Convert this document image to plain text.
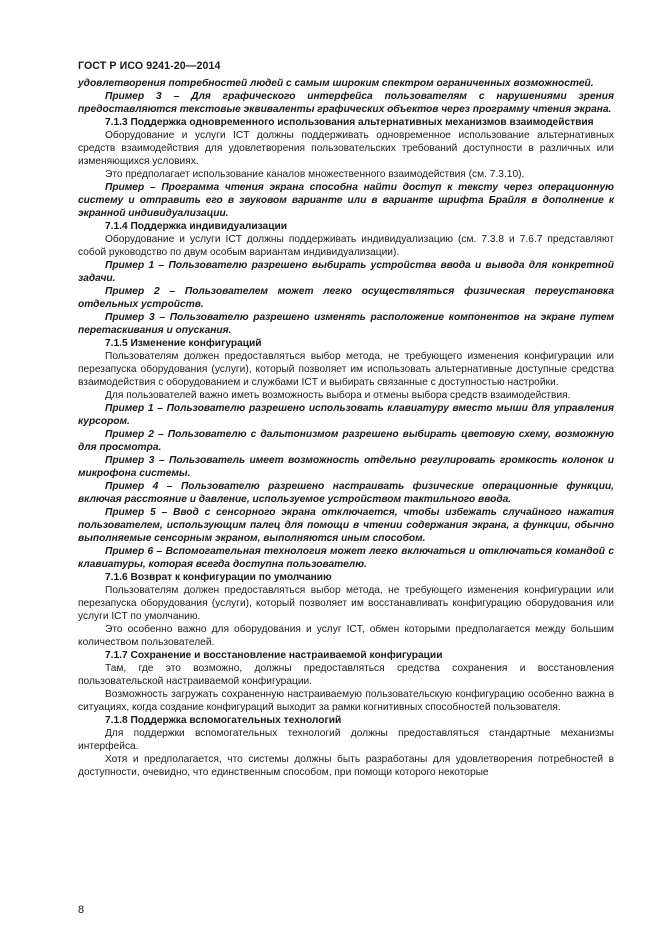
ГОСТ Р ИСО 9241-20—2014

удовлетворения потребностей людей с самым широким спектром ограниченных возможностей.

Пример 3 – Для графического интерфейса пользователям с нарушениями зрения предоставляются текстовые эквиваленты графических объектов через программу чтения экрана.

7.1.3 Поддержка одновременного использования альтернативных механизмов взаимодействия

Оборудование и услуги ICT должны поддерживать одновременное использование альтернативных средств взаимодействия для удовлетворения пользовательских требований доступности в различных или изменяющихся условиях.

Это предполагает использование каналов множественного взаимодействия (см. 7.3.10).

Пример – Программа чтения экрана способна найти доступ к тексту через операционную систему и отправить его в звуковом варианте или в варианте шрифта Брайля в дополнение к экранной индивидуализации.

7.1.4 Поддержка индивидуализации

Оборудование и услуги ICT должны поддерживать индивидуализацию (см. 7.3.8 и 7.6.7 представляют собой руководство по двум особым вариантам индивидуализации).

Пример 1 – Пользователю разрешено выбирать устройства ввода и вывода для конкретной задачи.

Пример 2 – Пользователем может легко осуществляться физическая переустановка отдельных устройств.

Пример 3 – Пользователю разрешено изменять расположение компонентов на экране путем перетаскивания и опускания.

7.1.5 Изменение конфигураций

Пользователям должен предоставляться выбор метода, не требующего изменения конфигурации или перезапуска оборудования (услуги), который позволяет им использовать альтернативные доступные средства взаимодействия с оборудованием и службами ICT и выбирать связанные с доступностью настройки.

Для пользователей важно иметь возможность выбора и отмены выбора средств взаимодействия.

Пример 1 – Пользователю разрешено использовать клавиатуру вместо мыши для управления курсором.

Пример 2 – Пользователю с дальтонизмом разрешено выбирать цветовую схему, возможную для просмотра.

Пример 3 – Пользователь имеет возможность отдельно регулировать громкость колонок и микрофона системы.

Пример 4 – Пользователю разрешено настраивать физические операционные функции, включая расстояние и давление, используемое устройством тактильного ввода.

Пример 5 – Ввод с сенсорного экрана отключается, чтобы избежать случайного нажатия пользователем, использующим палец для помощи в чтении содержания экрана, а функции, обычно выполняемые сенсорным экраном, выполняются иным способом.

Пример 6 – Вспомогательная технология может легко включаться и отключаться командой с клавиатуры, которая всегда доступна пользователю.

7.1.6 Возврат к конфигурации по умолчанию

Пользователям должен предоставляться выбор метода, не требующего изменения конфигурации или перезапуска оборудования (услуги), который позволяет им восстанавливать конфигурацию оборудования или услуги ICT по умолчанию.

Это особенно важно для оборудования и услуг ICT, обмен которыми предполагается между большим количеством пользователей.

7.1.7 Сохранение и восстановление настраиваемой конфигурации

Там, где это возможно, должны предоставляться средства сохранения и восстановления пользовательской настраиваемой конфигурации.

Возможность загружать сохраненную настраиваемую пользовательскую конфигурацию особенно важна в ситуациях, когда создание конфигураций выходит за рамки когнитивных способностей пользователя.

7.1.8 Поддержка вспомогательных технологий

Для поддержки вспомогательных технологий должны предоставляться стандартные механизмы интерфейса.

Хотя и предполагается, что системы должны быть разработаны для удовлетворения потребностей в доступности, очевидно, что единственным способом, при помощи которого некоторые

8
